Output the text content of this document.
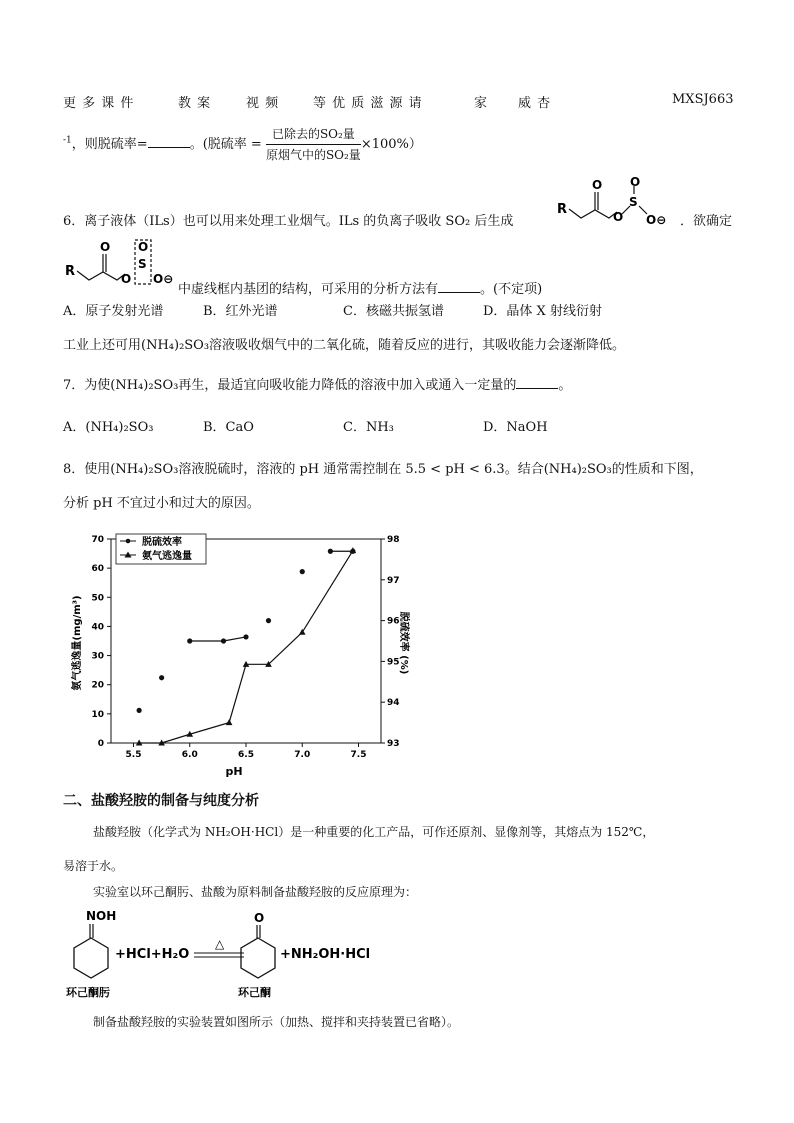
更 多 课 件	教 案	视 频	等 优 质 滋 源 请	家 威 杏	MXSJ663
$^{-1}$，则脱硫率=	。(脱硫率 = $\frac{\text{已除去的SO₂量}}{\text{原烟气中的SO₂量}} \times 100\%$）
6．离子液体（ILs）也可以用来处理工业烟气。ILs 的负离子吸收 SO₂ 后生成
R
O
O
S
O
O⊖ ．欲确定
R
O
O
S
O
O⊖
中虚线框内基团的结构，可采用的分析方法有	。(不定项)
A．原子发射光谱	B．红外光谱	C．核磁共振氢谱	D．晶体 X 射线衍射
工业上还可用(NH₄)₂SO₃溶液吸收烟气中的二氧化硫，随着反应的进行，其吸收能力会逐渐降低。
7．为使(NH₄)₂SO₃再生，最适宜向吸收能力降低的溶液中加入或通入一定量的	。
A．(NH₄)₂SO₃	B．CaO	C．NH₃	D．NaOH
8．使用(NH₄)₂SO₃溶液脱硫时，溶液的 pH 通常需控制在 5.5 < pH < 6.3。结合(NH₄)₂SO₃的性质和下图，
分析 pH 不宜过小和过大的原因。
5.5	6.0	6.5	7.0	7.5
0
10
20
30
40
50
60
70
93
94
95
96
97
98
脱硫效率
氨气逃逸量
pH
氨气逃逸量(mg/m³)	脱硫效率 (%)
二、盐酸羟胺的制备与纯度分析
盐酸羟胺（化学式为 NH₂OH·HCl）是一种重要的化工产品，可作还原剂、显像剂等，其熔点为 152℃，
易溶于水。
实验室以环己酮肟、盐酸为原料制备盐酸羟胺的反应原理为：
NOH
+HCl+H₂O
△
O
+NH₂OH·HCl
环己酮肟	环己酮
制备盐酸羟胺的实验装置如图所示（加热、搅拌和夹持装置已省略）。
